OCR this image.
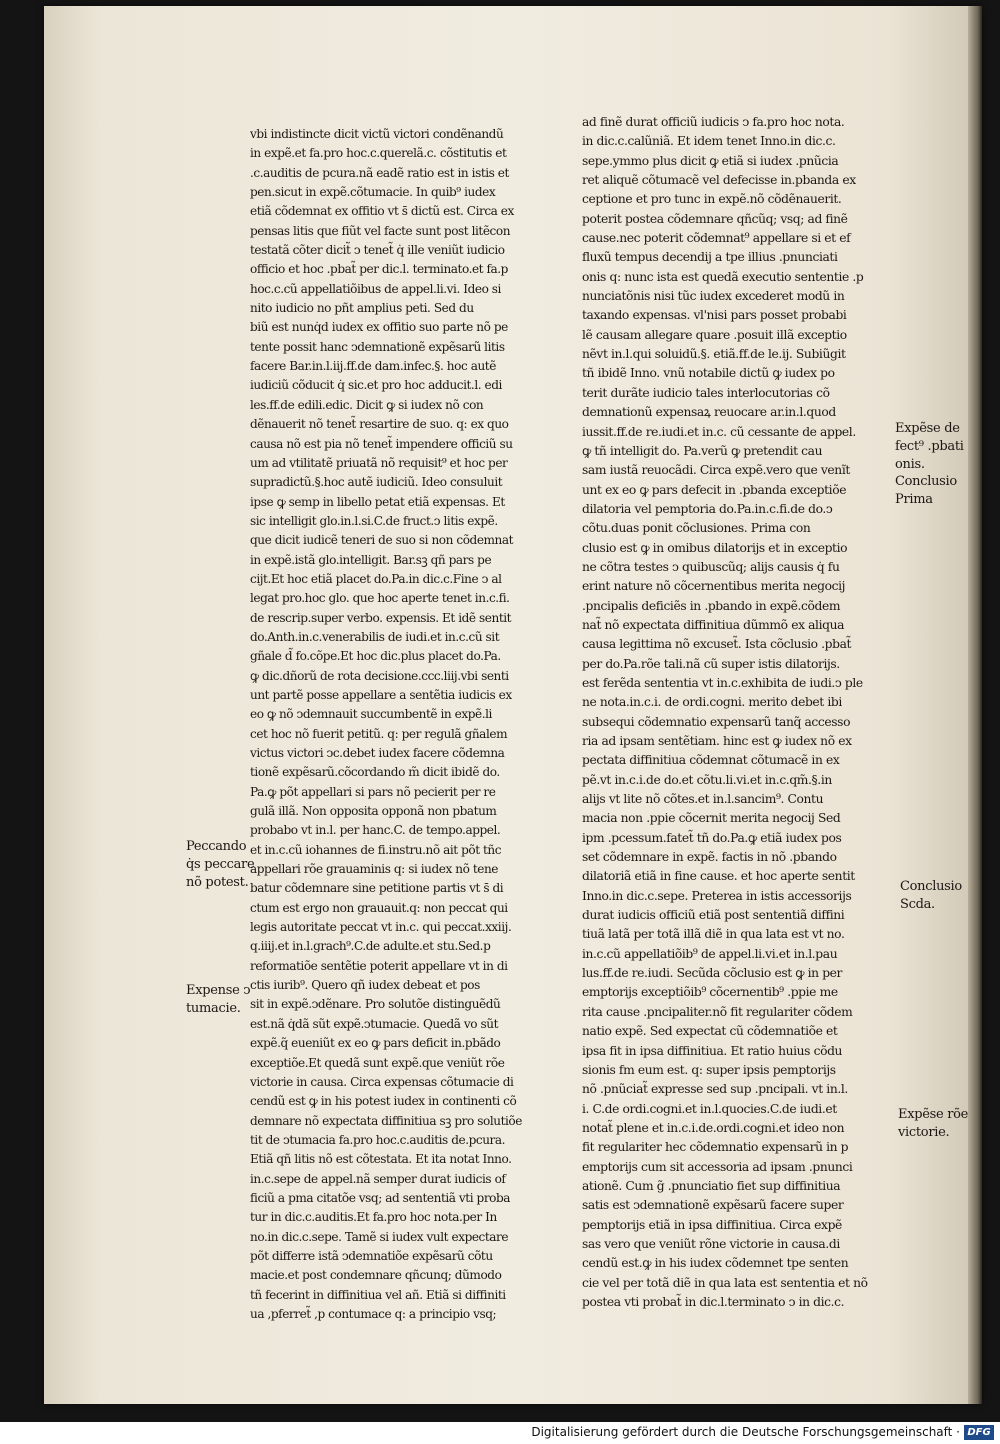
vbi indistincte dicit victũ victori condẽnandũ
in expẽ.et fa.pro hoc.c.querelã.c. cõstitutis et
.c.auditis de pcura.nã eadẽ ratio est in istis et
pen.sicut in expẽ.cõtumacie. In quib⁹ iudex
etiã cõdemnat ex offitio vt s̄ dictũ est. Circa ex
pensas litis que fiũt vel facte sunt post litẽcon
testatã cõter dicit̃ ↄ tenet̃ q̇ ille veniũt iudicio
officio et hoc .pbat̃ per dic.l. terminato.et fa.p
hoc.c.cũ appellatiõibus de appel.li.vi. Ideo si
nito iudicio no pñt amplius peti. Sed du
biũ est nunq̇d iudex ex offitio suo parte nõ pe
tente possit hanc ↄdemnationẽ expẽsarũ litis
facere Bar.in.l.iij.ff.de dam.infec.§. hoc autẽ
iudiciũ cõducit q̇ sic.et pro hoc adducit.l. edi
les.ff.de edili.edic. Dicit ꝙ si iudex nõ con
dẽnauerit nõ tenet̃ resartire de suo. q: ex quo
causa nõ est pia nõ tenet̃ impendere officiũ su
um ad vtilitatẽ priuatã nõ requisit⁹ et hoc per
supradictũ.§.hoc autẽ iudiciũ. Ideo consuluit
ipse ꝙ semp in libello petat etiã expensas. Et
sic intelligit glo.in.l.si.C.de fruct.ↄ litis expẽ.
que dicit iudicẽ teneri de suo si non cõdemnat
in expẽ.istã glo.intelligit. Bar.sꝫ qñ pars pe
cijt.Et hoc etiã placet do.Pa.in dic.c.Fine ↄ al
legat pro.hoc glo. que hoc aperte tenet in.c.fi.
de rescrip.super verbo. expensis. Et idẽ sentit
do.Anth.in.c.venerabilis de iudi.et in.c.cũ sit
gñale d̃ fo.cõpe.Et hoc dic.plus placet do.Pa.
ꝙ dic.dñorũ de rota decisione.ccc.liij.vbi senti
unt partẽ posse appellare a sentẽtia iudicis ex
eo ꝙ nõ ↄdemnauit succumbentẽ in expẽ.li
cet hoc nõ fuerit petitũ. q: per regulã gñalem
victus victori ↄc.debet iudex facere cõdemna
tionẽ expẽsarũ.cõcordando m̃ dicit ibidẽ do.
Pa.ꝙ põt appellari si pars nõ pecierit per re
gulã illã. Non opposita opponã non pbatum
probabo vt in.l. per hanc.C. de tempo.appel.
et in.c.cũ iohannes de fi.instru.nõ ait põt tñc
appellari rõe grauaminis q: si iudex nõ tene
batur cõdemnare sine petitione partis vt s̄ di
ctum est ergo non grauauit.q: non peccat qui
legis autoritate peccat vt in.c. qui peccat.xxiij.
q.iiij.et in.l.grach⁹.C.de adulte.et stu.Sed.p
reformatiõe sentẽtie poterit appellare vt in di
ctis iurib⁹. Quero qñ iudex debeat et pos
sit in expẽ.ↄdẽnare. Pro solutõe distinguẽdũ
est.nã q̇dã sũt expẽ.ↄtumacie. Quedã vo sũt
expẽ.q̃ eueniũt ex eo ꝙ pars deficit in.pbãdo
exceptiõe.Et quedã sunt expẽ.que veniũt rõe
victorie in causa. Circa expensas cõtumacie di
cendũ est ꝙ in his potest iudex in continenti cõ
demnare nõ expectata diffinitiua sꝫ pro solutiõe
tit de ↄtumacia fa.pro hoc.c.auditis de.pcura.
Etiã qñ litis nõ est cõtestata. Et ita notat Inno.
in.c.sepe de appel.nã semper durat iudicis of
ficiũ a pma citatõe vsq; ad sententiã vti proba
tur in dic.c.auditis.Et fa.pro hoc nota.per In
no.in dic.c.sepe. Tamẽ si iudex vult expectare
põt differre istã ↄdemnatiõe expẽsarũ cõtu
macie.et post condemnare qñcunq; dũmodo
tñ fecerint in diffinitiua vel añ. Etiã si diffiniti
ua ,pferret̃ ,p contumace q: a principio vsq;
ad finẽ durat officiũ iudicis ↄ fa.pro hoc nota.
in dic.c.calũniã. Et idem tenet Inno.in dic.c.
sepe.ymmo plus dicit ꝙ etiã si iudex .pnũcia
ret aliquẽ cõtumacẽ vel defecisse in.pbanda ex
ceptione et pro tunc in expẽ.nõ cõdẽnauerit.
poterit postea cõdemnare qñcũq; vsq; ad finẽ
cause.nec poterit cõdemnat⁹ appellare si et ef
fluxũ tempus decendij a tpe illius .pnunciati
onis q: nunc ista est quedã executio sententie .p
nunciatõnis nisi tũc iudex excederet modũ in
taxando expensas. vl'nisi pars posset probabi
lẽ causam allegare quare .posuit illã exceptio
nẽvt in.l.qui soluidũ.§. etiã.ff.de le.ij. Subiũgit
tñ ibidẽ Inno. vnũ notabile dictũ ꝙ iudex po
terit durãte iudicio tales interlocutorias cõ
demnationũ expensaꝝ reuocare ar.in.l.quod
iussit.ff.de re.iudi.et in.c. cũ cessante de appel.
ꝙ tñ intelligit do. Pa.verũ ꝙ pretendit cau
sam iustã reuocãdi. Circa expẽ.vero que venĩt
unt ex eo ꝙ pars defecit in .pbanda exceptiõe
dilatoria vel pemptoria do.Pa.in.c.fi.de do.ↄ
cõtu.duas ponit cõclusiones. Prima con
clusio est ꝙ in omibus dilatorijs et in exceptio
ne cõtra testes ↄ quibuscũq; alijs causis q̇ fu
erint nature nõ cõcernentibus merita negocij
.pncipalis deficiẽs in .pbando in expẽ.cõdem
nat̃ nõ expectata diffinitiua dũmmõ ex aliqua
causa legittima nõ excuset̃. Ista cõclusio .pbat̃
per do.Pa.rõe tali.nã cũ super istis dilatorijs.
est ferẽda sententia vt in.c.exhibita de iudi.ↄ ple
ne nota.in.c.i. de ordi.cogni. merito debet ibi
subsequi cõdemnatio expensarũ tanq̃ accesso
ria ad ipsam sentẽtiam. hinc est ꝙ iudex nõ ex
pectata diffinitiua cõdemnat cõtumacẽ in ex
pẽ.vt in.c.i.de do.et cõtu.li.vi.et in.c.qm̃.§.in
alijs vt lite nõ cõtes.et in.l.sancim⁹. Contu
macia non .ppie cõcernit merita negocij Sed
ipm .pcessum.fatet̃ tñ do.Pa.ꝙ etiã iudex pos
set cõdemnare in expẽ. factis in nõ .pbando
dilatoriã etiã in fine cause. et hoc aperte sentit
Inno.in dic.c.sepe. Preterea in istis accessorijs
durat iudicis officiũ etiã post sententiã diffini
tiuã latã per totã illã diẽ in qua lata est vt no.
in.c.cũ appellatiõib⁹ de appel.li.vi.et in.l.pau
lus.ff.de re.iudi. Secũda cõclusio est ꝙ in per
emptorijs exceptiõib⁹ cõcernentib⁹ .ppie me
rita cause .pncipaliter.nõ fit regulariter cõdem
natio expẽ. Sed expectat cũ cõdemnatiõe et
ipsa fit in ipsa diffinitiua. Et ratio huius cõdu
sionis fm eum est. q: super ipsis pemptorijs
nõ .pnũciat̃ expresse sed sup .pncipali. vt in.l.
i. C.de ordi.cogni.et in.l.quocies.C.de iudi.et
notat̃ plene et in.c.i.de.ordi.cogni.et ideo non
fit regulariter hec cõdemnatio expensarũ in p
emptorijs cum sit accessoria ad ipsam .pnunci
ationẽ. Cum g̃ .pnunciatio fiet sup diffinitiua
satis est ↄdemnationẽ expẽsarũ facere super
pemptorijs etiã in ipsa diffinitiua. Circa expẽ
sas vero que veniũt rõne victorie in causa.di
cendũ est.ꝙ in his iudex cõdemnet tpe senten
cie vel per totã diẽ in qua lata est sententia et nõ
postea vti probat̃ in dic.l.terminato ↄ in dic.c.
Peccando
q̇s peccare
nõ potest.
Expense ↄ
tumacie.
Expẽse de
fect⁹ .pbati
onis.
Conclusio
Prima
Conclusio
Scda.
Expẽse rõe
victorie.
Digitalisierung gefördert durch die Deutsche Forschungsgemeinschaft · DFG
